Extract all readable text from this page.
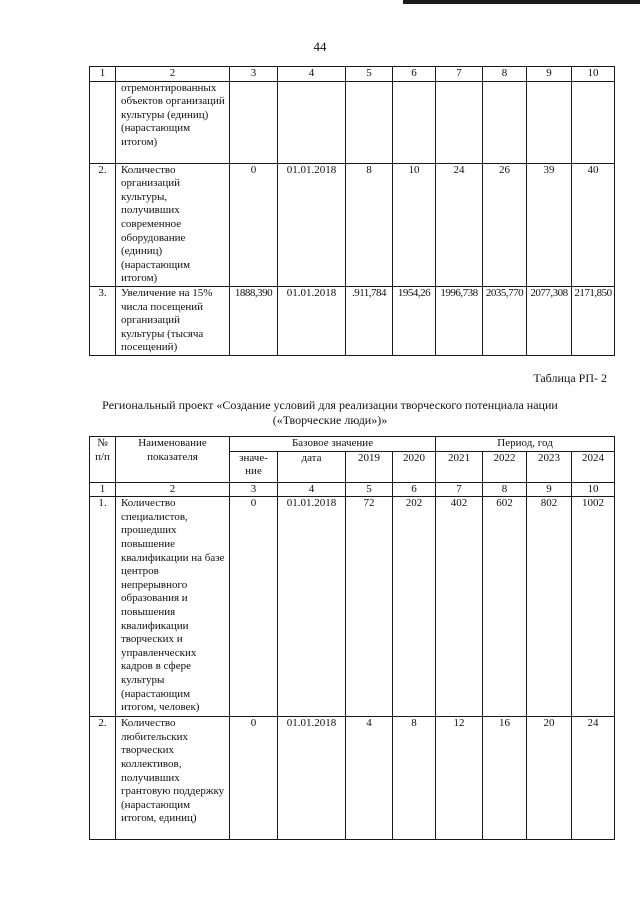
44
1	2	3	4	5	6	7	8	9	10
	отремонтированных объектов организаций культуры (единиц) (нарастающим итогом)								
2.	Количество организаций культуры, получивших современное оборудование (единиц) (нарастающим итогом)	0	01.01.2018	8	10	24	26	39	40
3.	Увеличение на 15% числа посещений организаций культуры (тысяча посещений)	1888,390	01.01.2018	.911,784	1954,26	1996,738	2035,770	2077,308	2171,850
Таблица РП- 2
Региональный проект «Создание условий для реализации творческого потенциала нации («Творческие люди»)»
№ п/п	Наименование показателя	Базовое значение				Период, год			
		значе-ние	дата	2019	2020	2021	2022	2023	2024
1	2	3	4	5	6	7	8	9	10
1.	Количество специалистов, прошедших повышение квалификации на базе центров непрерывного образования и повышения квалификации творческих и управленческих кадров в сфере культуры (нарастающим итогом, человек)	0	01.01.2018	72	202	402	602	802	1002
2.	Количество любительских творческих коллективов, получивших грантовую поддержку (нарастающим итогом, единиц)	0	01.01.2018	4	8	12	16	20	24
